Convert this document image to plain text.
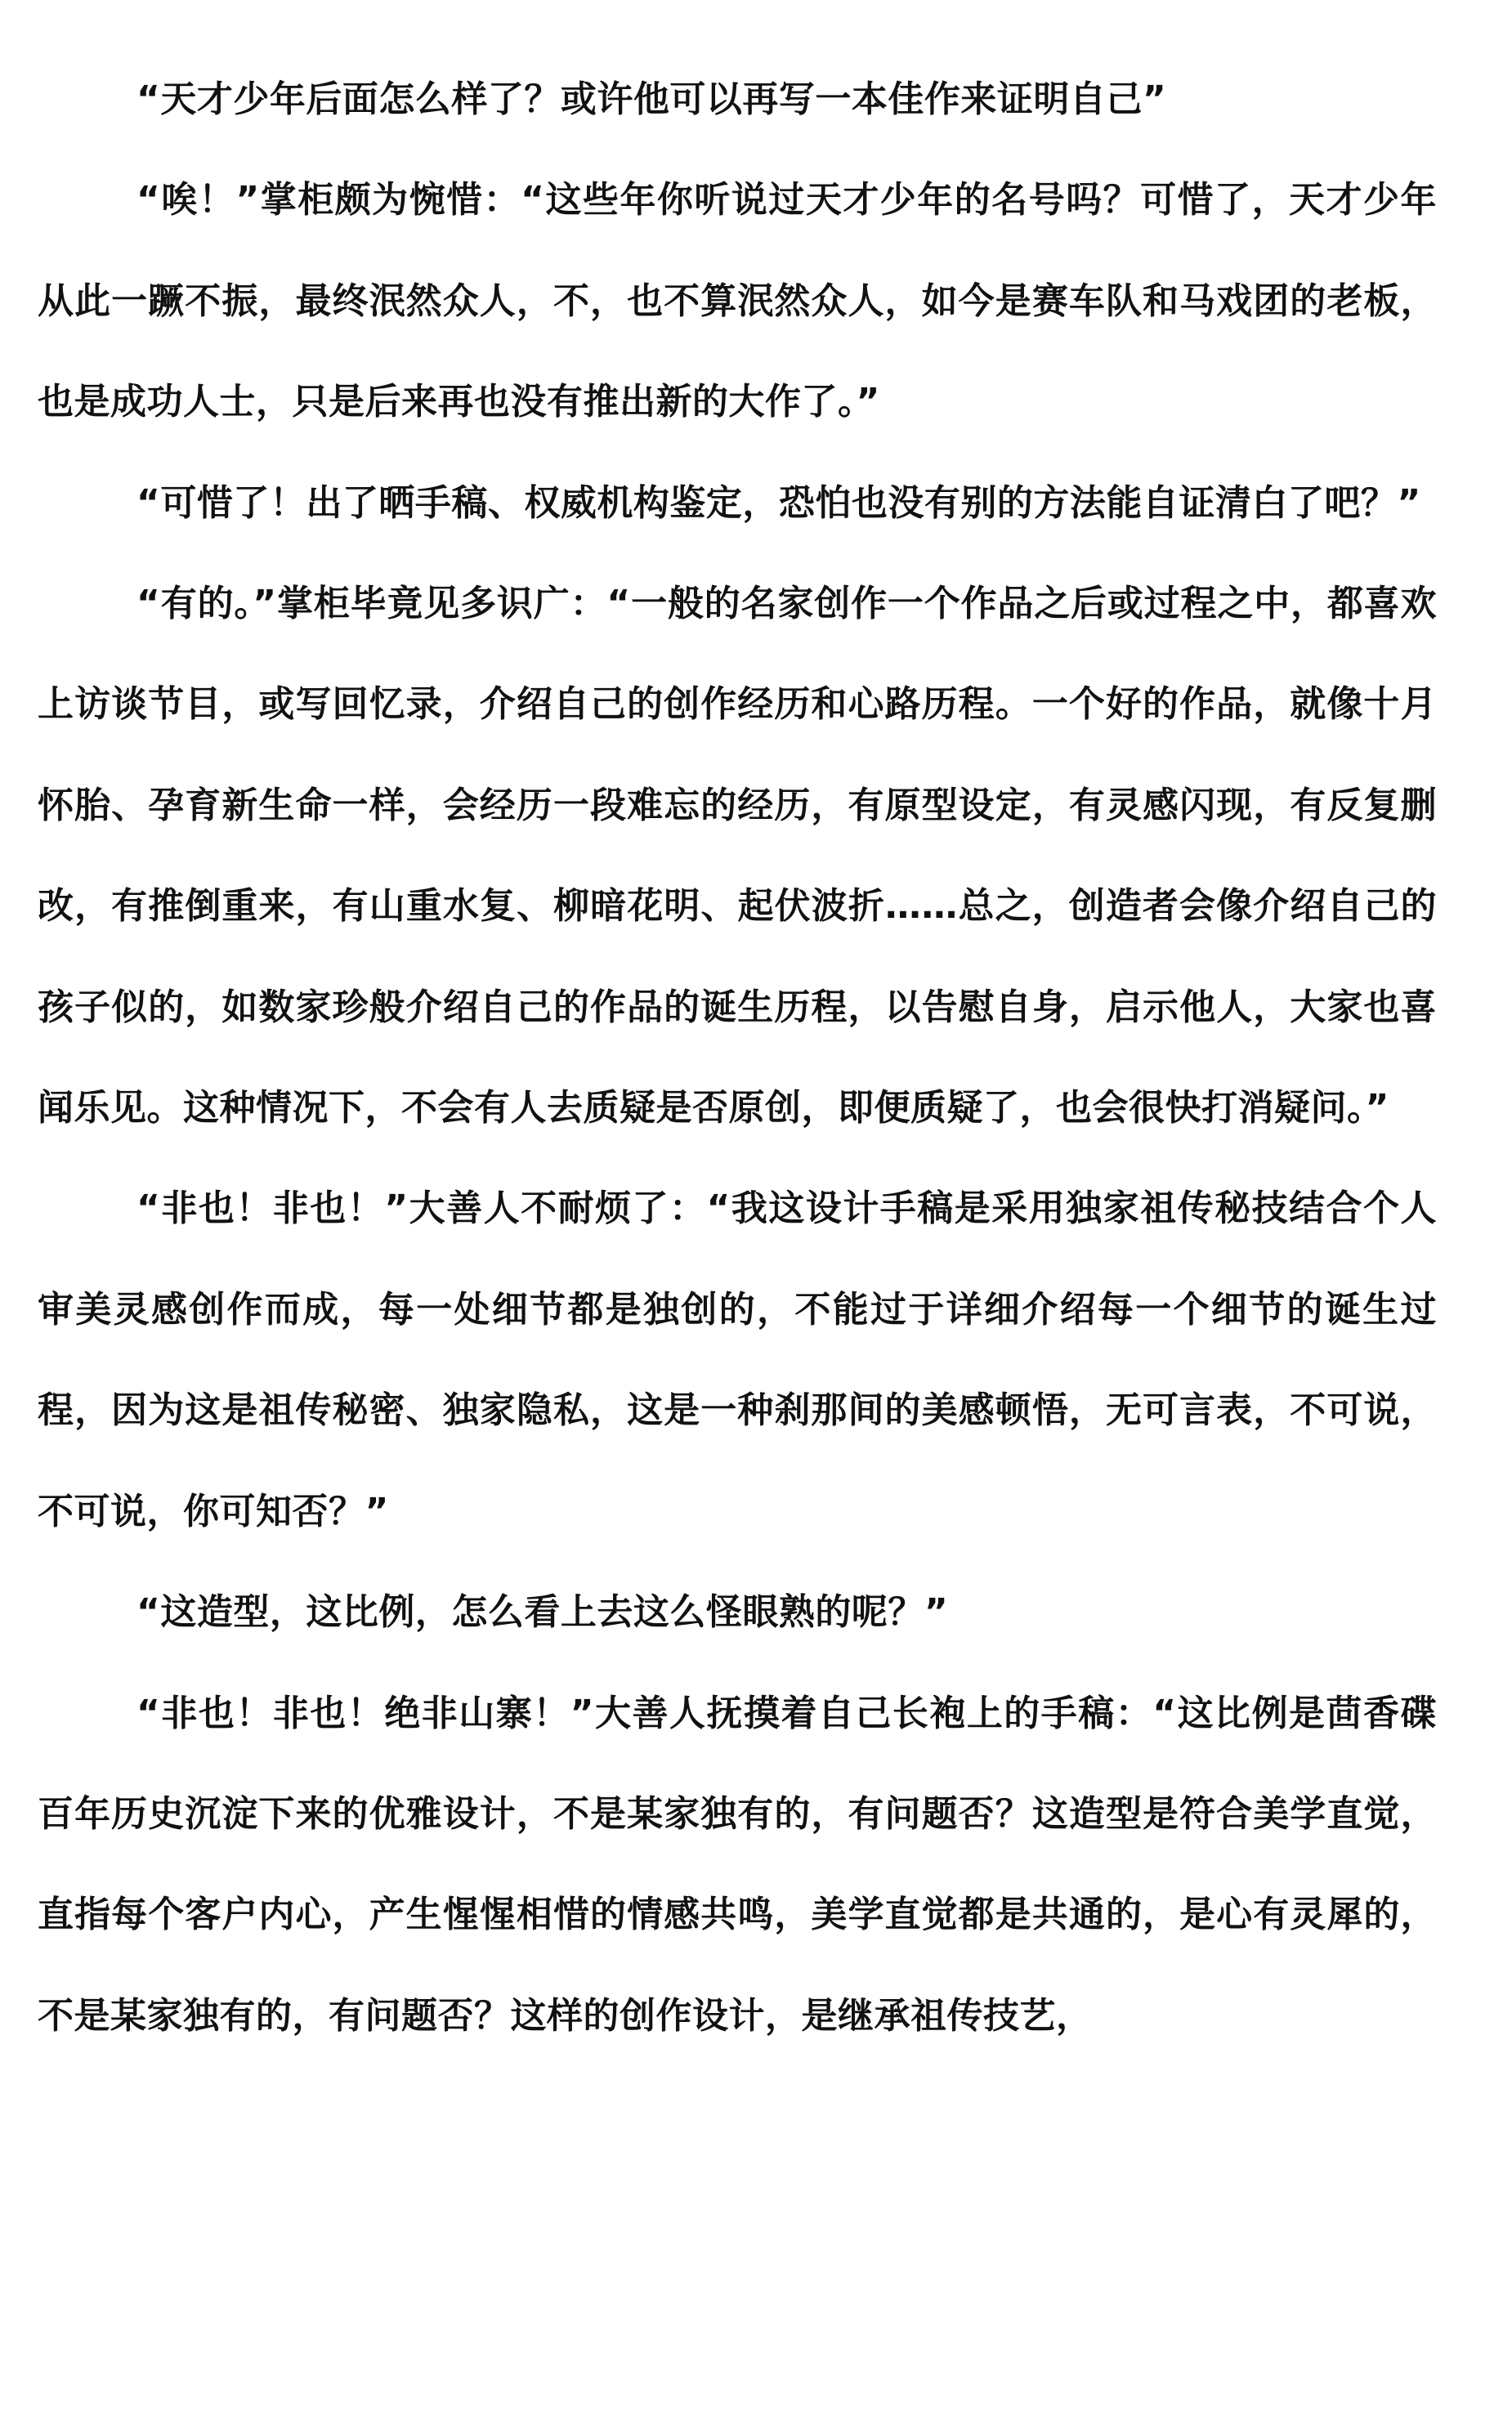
“天才少年后面怎么样了？或许他可以再写一本佳作来证明自己”

“唉！”掌柜颇为惋惜：“这些年你听说过天才少年的名号吗？可惜了，天才少年从此一蹶不振，最终泯然众人，不，也不算泯然众人，如今是赛车队和马戏团的老板，也是成功人士，只是后来再也没有推出新的大作了。”

“可惜了！出了晒手稿、权威机构鉴定，恐怕也没有别的方法能自证清白了吧？”

“有的。”掌柜毕竟见多识广：“一般的名家创作一个作品之后或过程之中，都喜欢上访谈节目，或写回忆录，介绍自己的创作经历和心路历程。一个好的作品，就像十月怀胎、孕育新生命一样，会经历一段难忘的经历，有原型设定，有灵感闪现，有反复删改，有推倒重来，有山重水复、柳暗花明、起伏波折……总之，创造者会像介绍自己的孩子似的，如数家珍般介绍自己的作品的诞生历程，以告慰自身，启示他人，大家也喜闻乐见。这种情况下，不会有人去质疑是否原创，即便质疑了，也会很快打消疑问。”

“非也！非也！”大善人不耐烦了：“我这设计手稿是采用独家祖传秘技结合个人审美灵感创作而成，每一处细节都是独创的，不能过于详细介绍每一个细节的诞生过程，因为这是祖传秘密、独家隐私，这是一种刹那间的美感顿悟，无可言表，不可说，不可说，你可知否？”

“这造型，这比例，怎么看上去这么怪眼熟的呢？”

“非也！非也！绝非山寨！”大善人抚摸着自己长袍上的手稿：“这比例是茴香碟百年历史沉淀下来的优雅设计，不是某家独有的，有问题否？这造型是符合美学直觉，直指每个客户内心，产生惺惺相惜的情感共鸣，美学直觉都是共通的，是心有灵犀的，不是某家独有的，有问题否？这样的创作设计，是继承祖传技艺，
